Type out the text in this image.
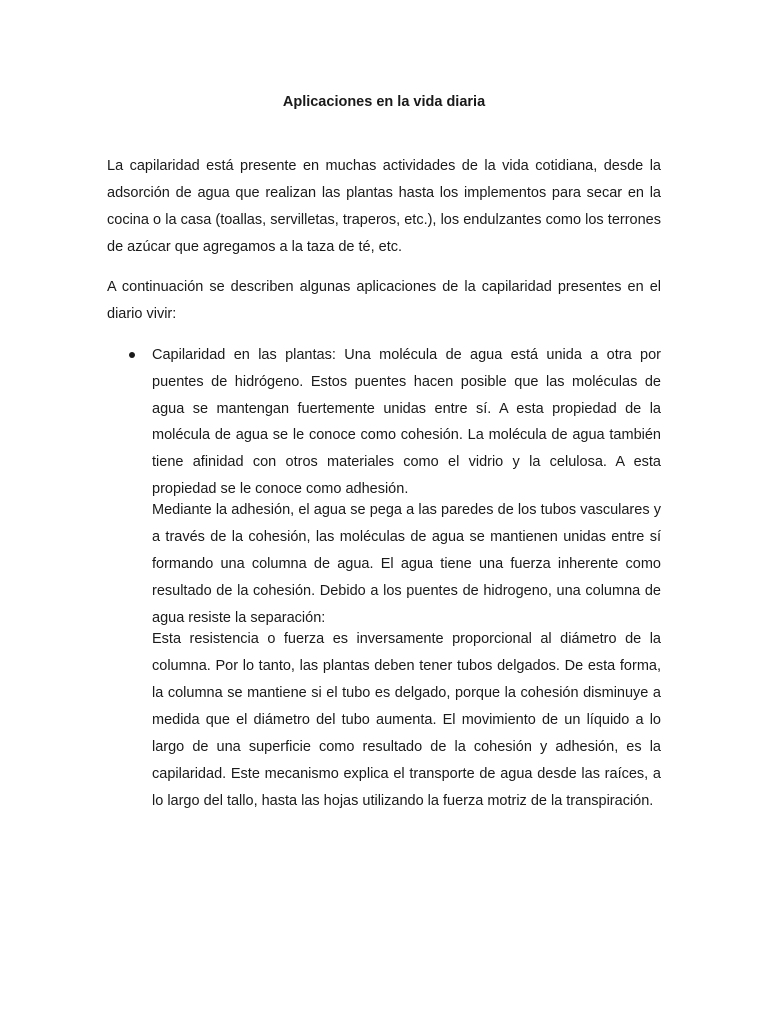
Aplicaciones en la vida diaria

La capilaridad está presente en muchas actividades de la vida cotidiana, desde la adsorción de agua que realizan las plantas hasta los implementos para secar en la cocina o la casa (toallas, servilletas, traperos, etc.), los endulzantes como los terrones de azúcar que agregamos a la taza de té, etc.

A continuación se describen algunas aplicaciones de la capilaridad presentes en el diario vivir:

Capilaridad en las plantas: Una molécula de agua está unida a otra por puentes de hidrógeno. Estos puentes hacen posible que las moléculas de agua se mantengan fuertemente unidas entre sí. A esta propiedad de la molécula de agua se le conoce como cohesión. La molécula de agua también tiene afinidad con otros materiales como el vidrio y la celulosa. A esta propiedad se le conoce como adhesión.

Mediante la adhesión, el agua se pega a las paredes de los tubos vasculares y a través de la cohesión, las moléculas de agua se mantienen unidas entre sí formando una columna de agua. El agua tiene una fuerza inherente como resultado de la cohesión. Debido a los puentes de hidrogeno, una columna de agua resiste la separación:

Esta resistencia o fuerza es inversamente proporcional al diámetro de la columna. Por lo tanto, las plantas deben tener tubos delgados. De esta forma, la columna se mantiene si el tubo es delgado, porque la cohesión disminuye a medida que el diámetro del tubo aumenta. El movimiento de un líquido a lo largo de una superficie como resultado de la cohesión y adhesión, es la capilaridad. Este mecanismo explica el transporte de agua desde las raíces, a lo largo del tallo, hasta las hojas utilizando la fuerza motriz de la transpiración.
